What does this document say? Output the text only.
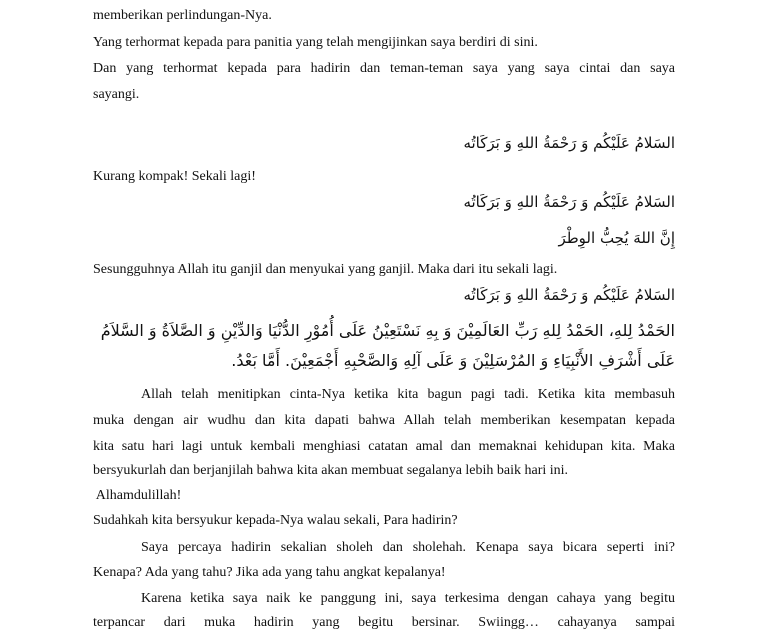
memberikan perlindungan-Nya.
Yang terhormat kepada para panitia yang telah mengijinkan saya berdiri di sini.
Dan yang terhormat kepada para hadirin dan teman-teman saya yang saya cintai dan saya
sayangi.
السَلامُ عَلَيْكُم وَ رَحْمَةُ اللهِ وَ بَرَكَاتُه
Kurang kompak! Sekali lagi!
السَلامُ عَلَيْكُم وَ رَحْمَةُ اللهِ وَ بَرَكَاتُه
إِنَّ اللهَ يُحِبُّ الوِطْرَ
Sesungguhnya Allah itu ganjil dan menyukai yang ganjil. Maka dari itu sekali lagi.
السَلامُ عَلَيْكُم وَ رَحْمَةُ اللهِ وَ بَرَكَاتُه
الحَمْدُ لِلهِ، الحَمْدُ لِلهِ رَبِّ العَالَمِيْنَ وَ بِهِ نَسْتَعِيْنُ عَلَى أُمُوْرِ الدُّنْيَا وَالدِّيْنِ وَ الصَّلاَةُ وَ السَّلاَمُ
عَلَى أَشْرَفِ الأَنْبِيَاءِ وَ المُرْسَلِيْنَ وَ عَلَى آلِهِ وَالصَّحْبِهِ أَجْمَعِيْنَ. أَمَّا بَعْدُ.
Allah telah menitipkan cinta-Nya ketika kita bagun pagi tadi. Ketika kita membasuh
muka dengan air wudhu dan kita dapati bahwa Allah telah memberikan kesempatan kepada
kita satu hari lagi untuk kembali menghiasi catatan amal dan memaknai kehidupan kita. Maka
bersyukurlah dan berjanjilah bahwa kita akan membuat segalanya lebih baik hari ini.
Alhamdulillah!
Sudahkah kita bersyukur kepada-Nya walau sekali, Para hadirin?
Saya percaya hadirin sekalian sholeh dan sholehah. Kenapa saya bicara seperti ini?
Kenapa? Ada yang tahu? Jika ada yang tahu angkat kepalanya!
Karena ketika saya naik ke panggung ini, saya terkesima dengan cahaya yang begitu
terpancar dari muka hadirin yang begitu bersinar. Swiingg… cahayanya sampai
